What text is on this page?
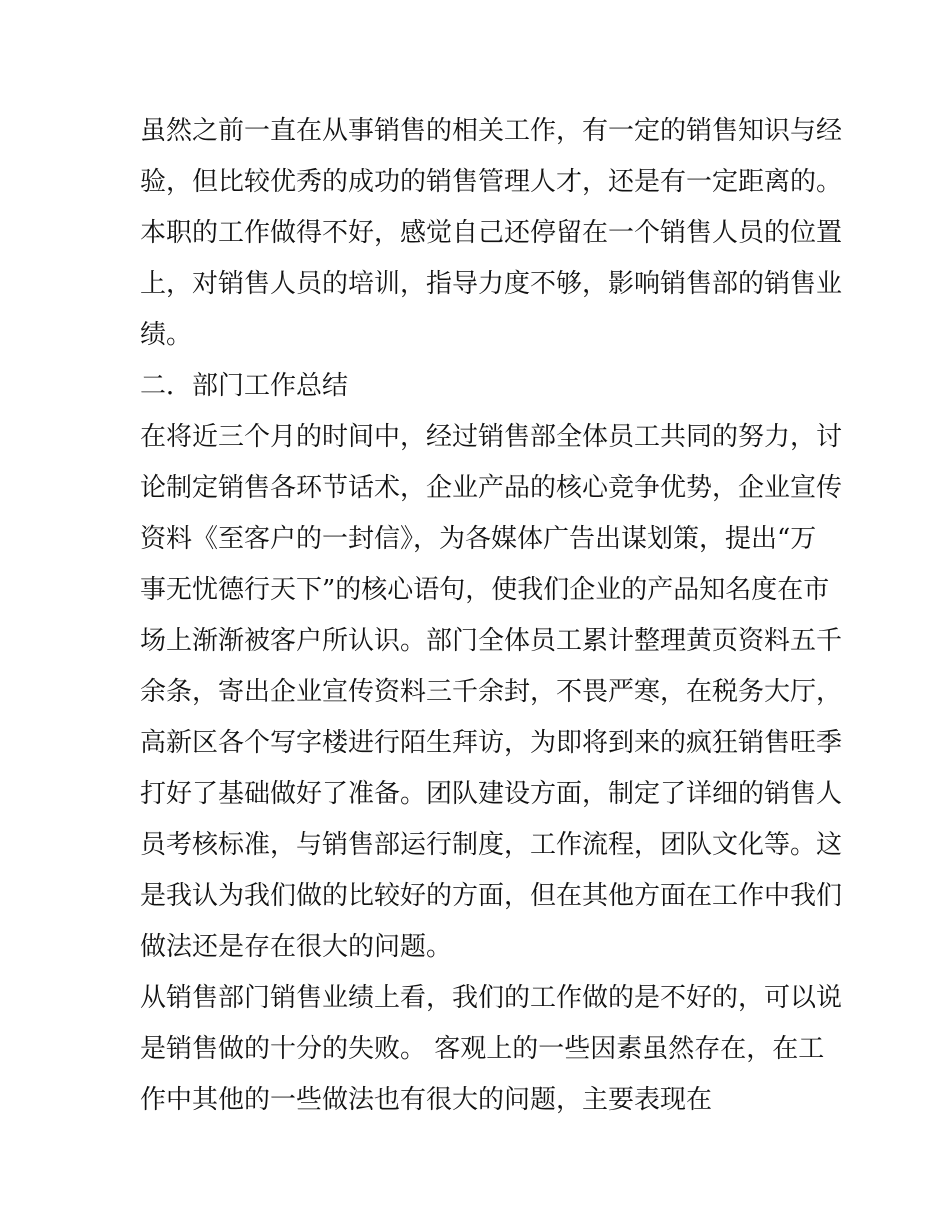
虽然之前一直在从事销售的相关工作，有一定的销售知识与经
验，但比较优秀的成功的销售管理人才，还是有一定距离的。
本职的工作做得不好，感觉自己还停留在一个销售人员的位置
上，对销售人员的培训，指导力度不够，影响销售部的销售业
绩。
二．部门工作总结
在将近三个月的时间中，经过销售部全体员工共同的努力，讨
论制定销售各环节话术，企业产品的核心竞争优势，企业宣传
资料《至客户的一封信》，为各媒体广告出谋划策，提出“万
事无忧德行天下”的核心语句，使我们企业的产品知名度在市
场上渐渐被客户所认识。部门全体员工累计整理黄页资料五千
余条，寄出企业宣传资料三千余封，不畏严寒，在税务大厅，
高新区各个写字楼进行陌生拜访，为即将到来的疯狂销售旺季
打好了基础做好了准备。团队建设方面，制定了详细的销售人
员考核标准，与销售部运行制度，工作流程，团队文化等。这
是我认为我们做的比较好的方面，但在其他方面在工作中我们
做法还是存在很大的问题。
从销售部门销售业绩上看，我们的工作做的是不好的，可以说
是销售做的十分的失败。 客观上的一些因素虽然存在，在工
作中其他的一些做法也有很大的问题，主要表现在
